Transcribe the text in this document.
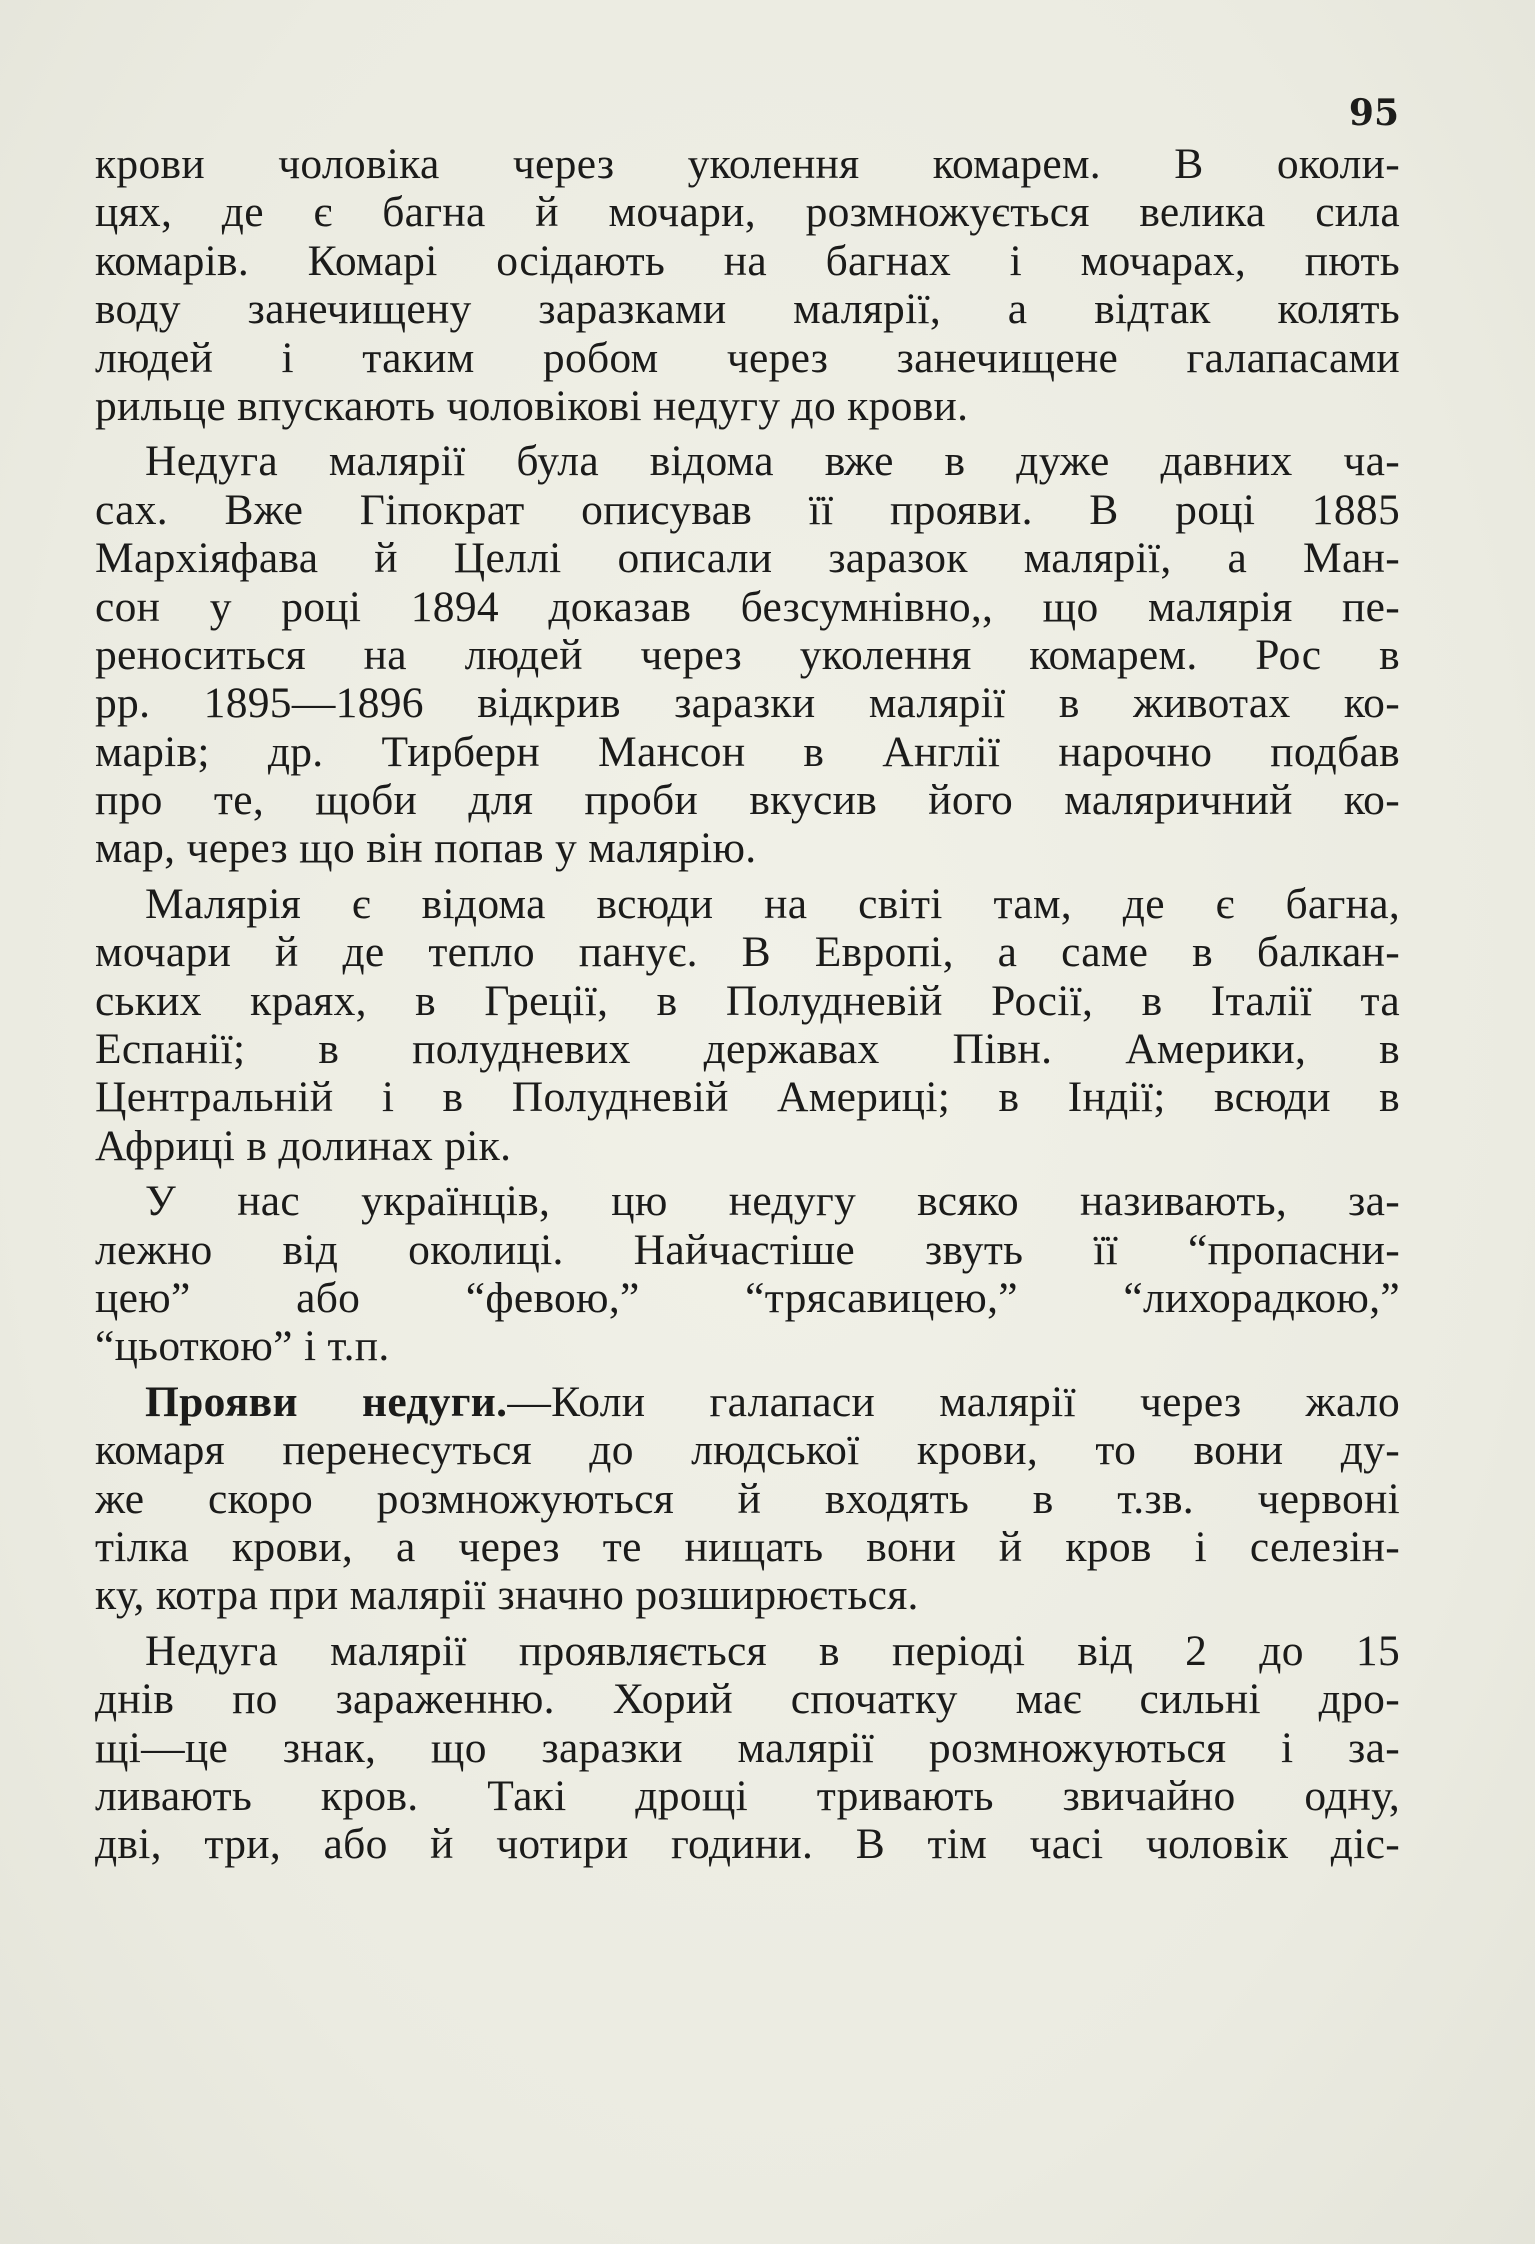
95
крови чоловіка через уколення комарем. В околи-
цях, де є багна й мочари, розмножується велика сила
комарів. Комарі осідають на багнах і мочарах, пють
воду занечищену заразками малярії, а відтак колять
людей і таким робом через занечищене галапасами
рильце впускають чоловікові недугу до крови.
Недуга малярії була відома вже в дуже давних ча-
сах. Вже Гіпократ описував її прояви. В році 1885
Мархіяфава й Целлі описали заразок малярії, а Ман-
сон у році 1894 доказав безсумнівно,, що малярія пе-
реноситься на людей через уколення комарем. Рос в
рр. 1895—1896 відкрив заразки малярії в животах ко-
марів; др. Тирберн Мансон в Англії нарочно подбав
про те, щоби для проби вкусив його маляричний ко-
мар, через що він попав у малярію.
Малярія є відома всюди на світі там, де є багна,
мочари й де тепло панує. В Европі, а саме в балкан-
ських краях, в Греції, в Полудневій Росії, в Італії та
Еспанії; в полудневих державах Півн. Америки, в
Центральній і в Полудневій Америці; в Індії; всюди в
Африці в долинах рік.
У нас українців, цю недугу всяко називають, за-
лежно від околиці. Найчастіше звуть її “пропасни-
цею” або “февою,” “трясавицею,” “лихорадкою,”
“цьоткою” і т.п.
Прояви недуги.—Коли галапаси малярії через жало
комаря перенесуться до людської крови, то вони ду-
же скоро розмножуються й входять в т.зв. червоні
тілка крови, а через те нищать вони й кров і селезін-
ку, котра при малярії значно розширюється.
Недуга малярії проявляється в періоді від 2 до 15
днів по зараженню. Хорий спочатку має сильні дро-
щі—це знак, що заразки малярії розмножуються і за-
ливають кров. Такі дрощі тривають звичайно одну,
дві, три, або й чотири години. В тім часі чоловік діс-
